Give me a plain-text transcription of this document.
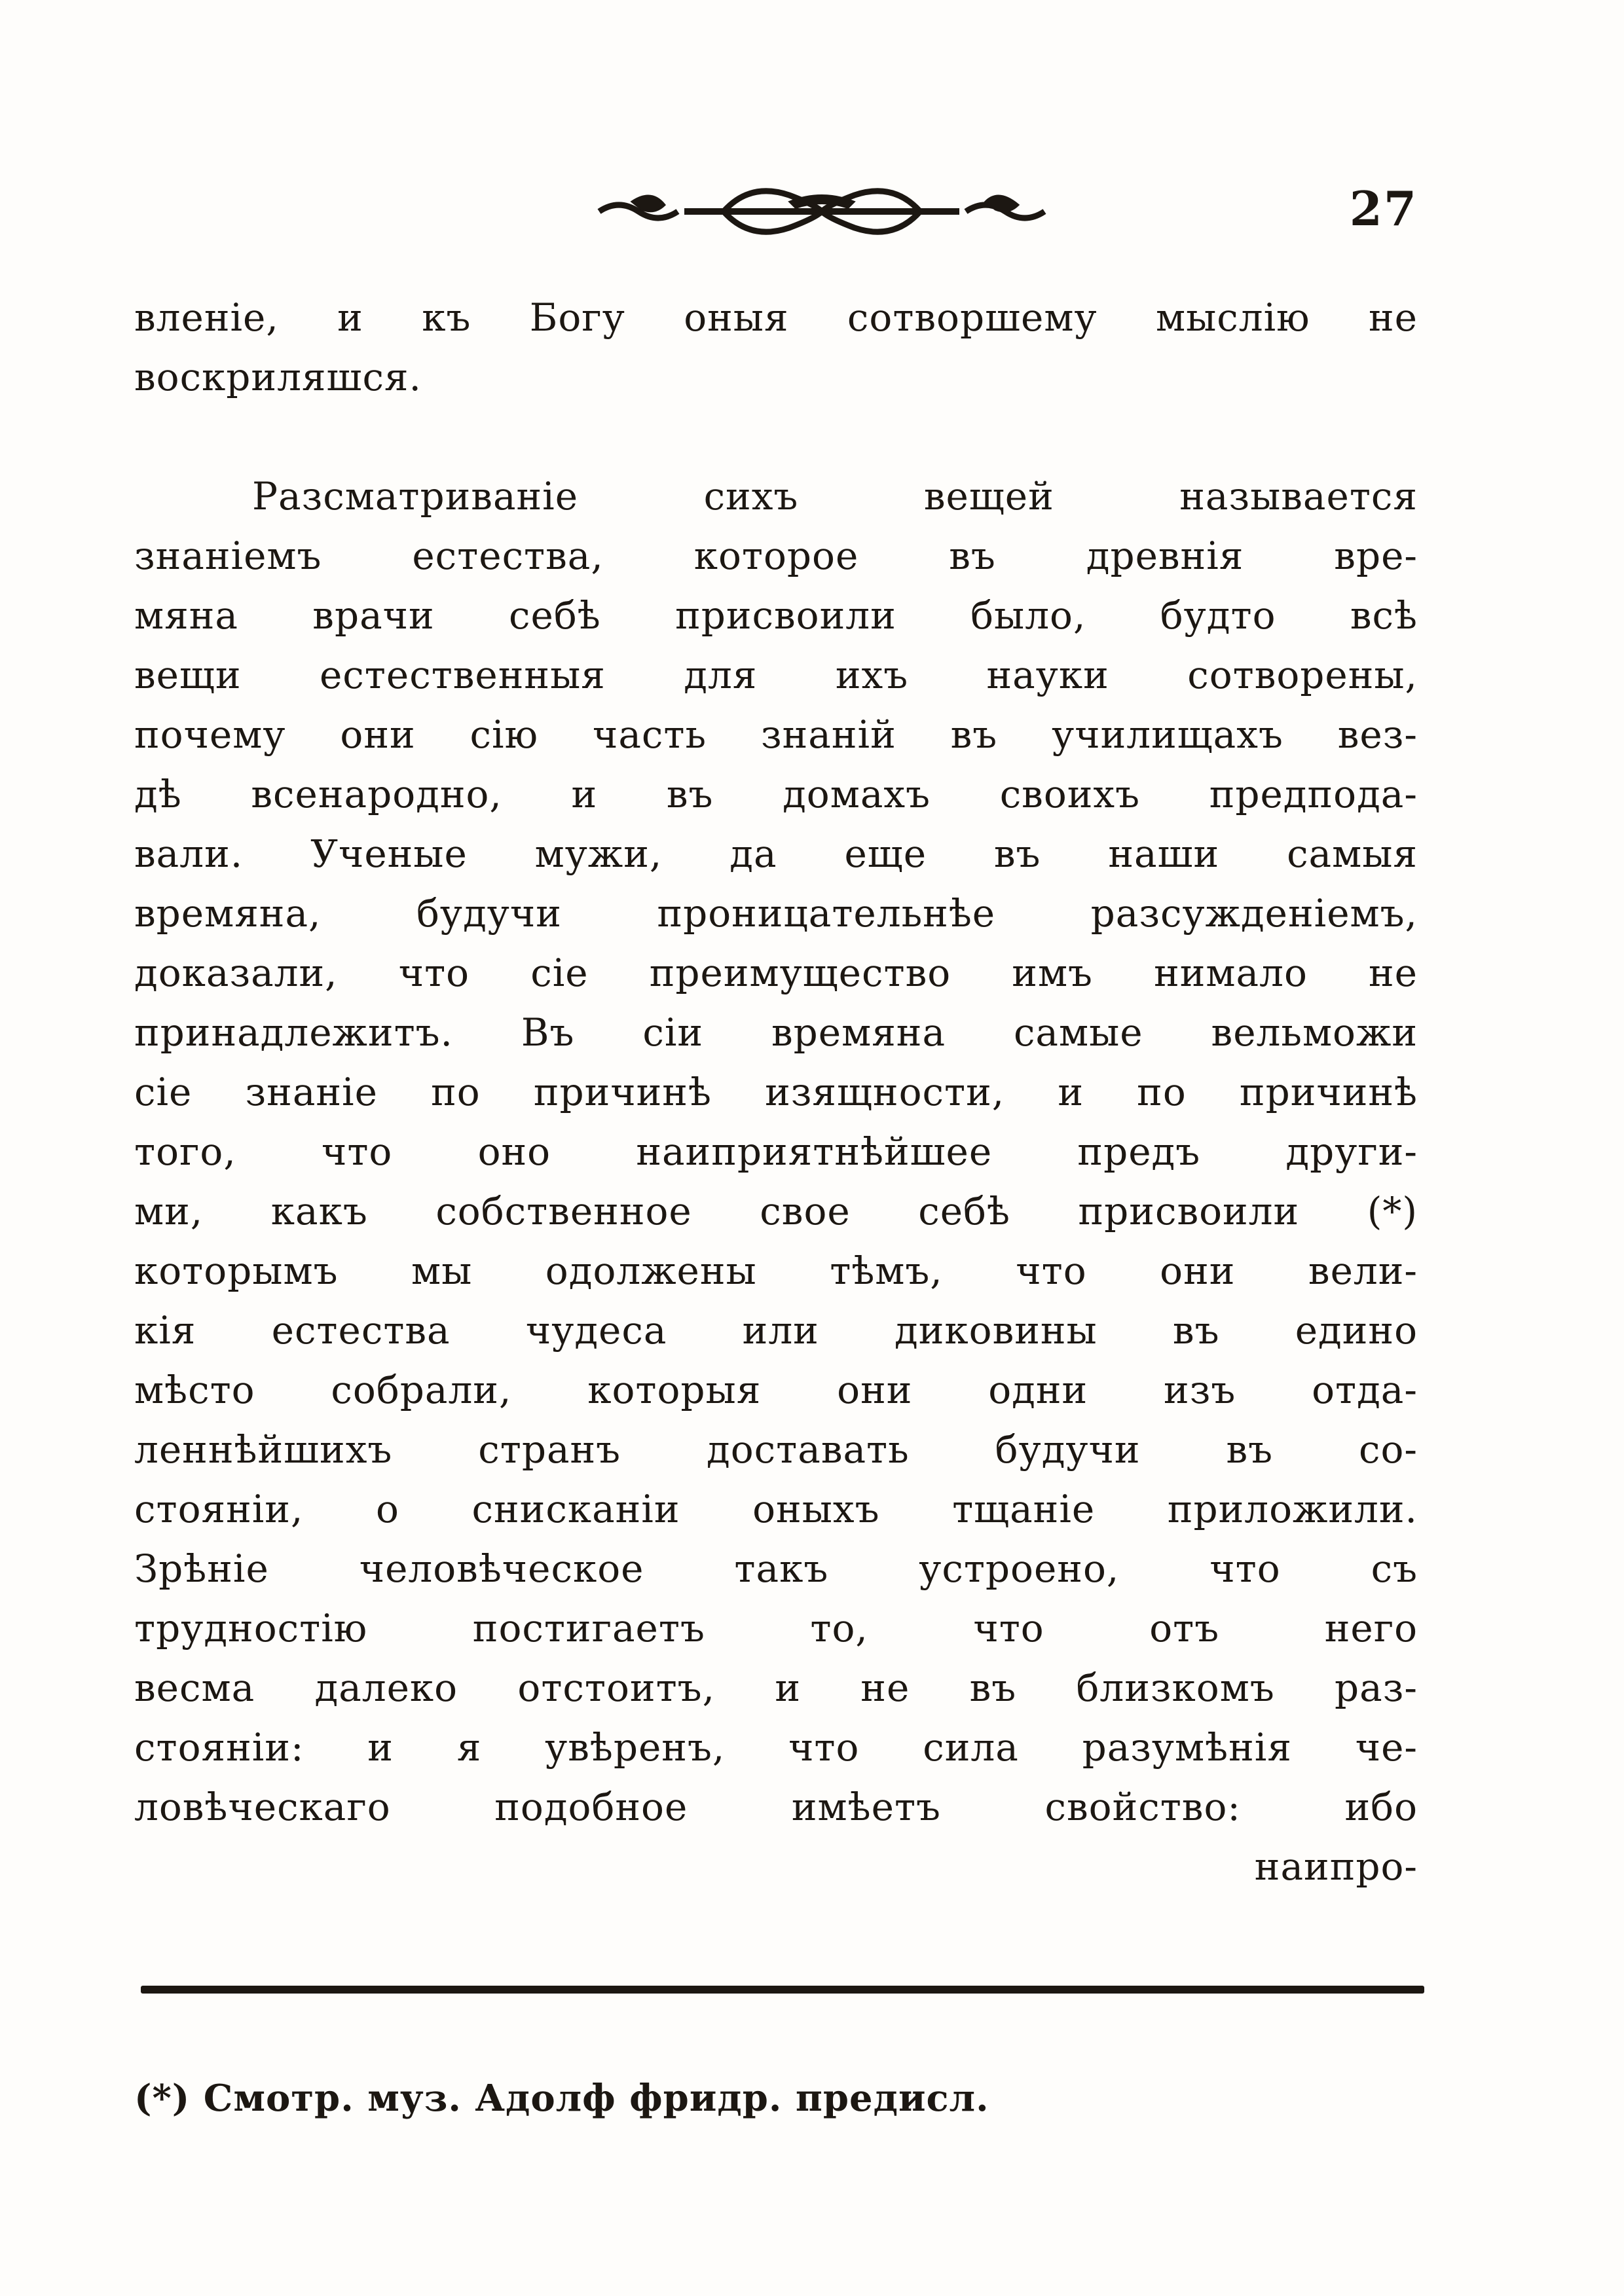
27
вленіе, и къ Богу оныя сотворшему мыслію не
воскриляшся.
Разсматриваніе сихъ вещей называется
знаніемъ естества, которое въ древнія вре-
мяна врачи себѣ присвоили было, будто всѣ
вещи естественныя для ихъ науки сотворены,
почему они сію часть знаній въ училищахъ вез-
дѣ всенародно, и въ домахъ своихъ предпода-
вали. Ученые мужи, да еще въ наши самыя
времяна, будучи проницательнѣе разсужденіемъ,
доказали, что сіе преимущество имъ нимало не
принадлежитъ. Въ сіи времяна самые вельможи
сіе знаніе по причинѣ изящности, и по причинѣ
того, что оно наиприятнѣйшее предъ други-
ми, какъ собственное свое себѣ присвоили (*)
которымъ мы одолжены тѣмъ, что они вели-
кія естества чудеса или диковины въ едино
мѣсто собрали, которыя они одни изъ отда-
леннѣйшихъ странъ доставать будучи въ со-
стояніи, о снисканіи оныхъ тщаніе приложили.
Зрѣніе человѣческое такъ устроено, что съ
трудностію постигаетъ то, что отъ него
весма далеко отстоитъ, и не въ близкомъ раз-
стояніи: и я увѣренъ, что сила разумѣнія че-
ловѣческаго подобное имѣетъ свойство: ибо
наипро-
(*) Смотр. муз. Адолф фридр. предисл.
